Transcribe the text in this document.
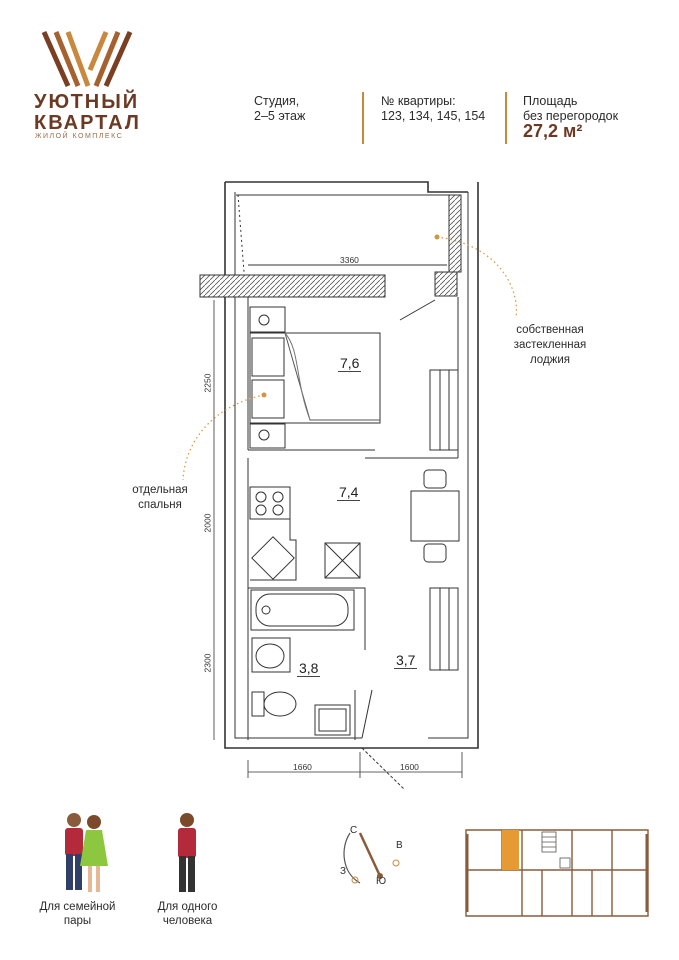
УЮТНЫЙ
КВАРТАЛ
ЖИЛОЙ КОМПЛЕКС
Студия,
2–5 этаж
№ квартиры:
123, 134, 145, 154
Площадь
без перегородок
27,2 м²
7,6
7,4
3,8	3,7
3360
2250
2000
2300
1660	1600
собственная
застекленная
лоджия
отдельная
спальня
Для семейной
пары
Для одного
человека
С
В
Ю
З
